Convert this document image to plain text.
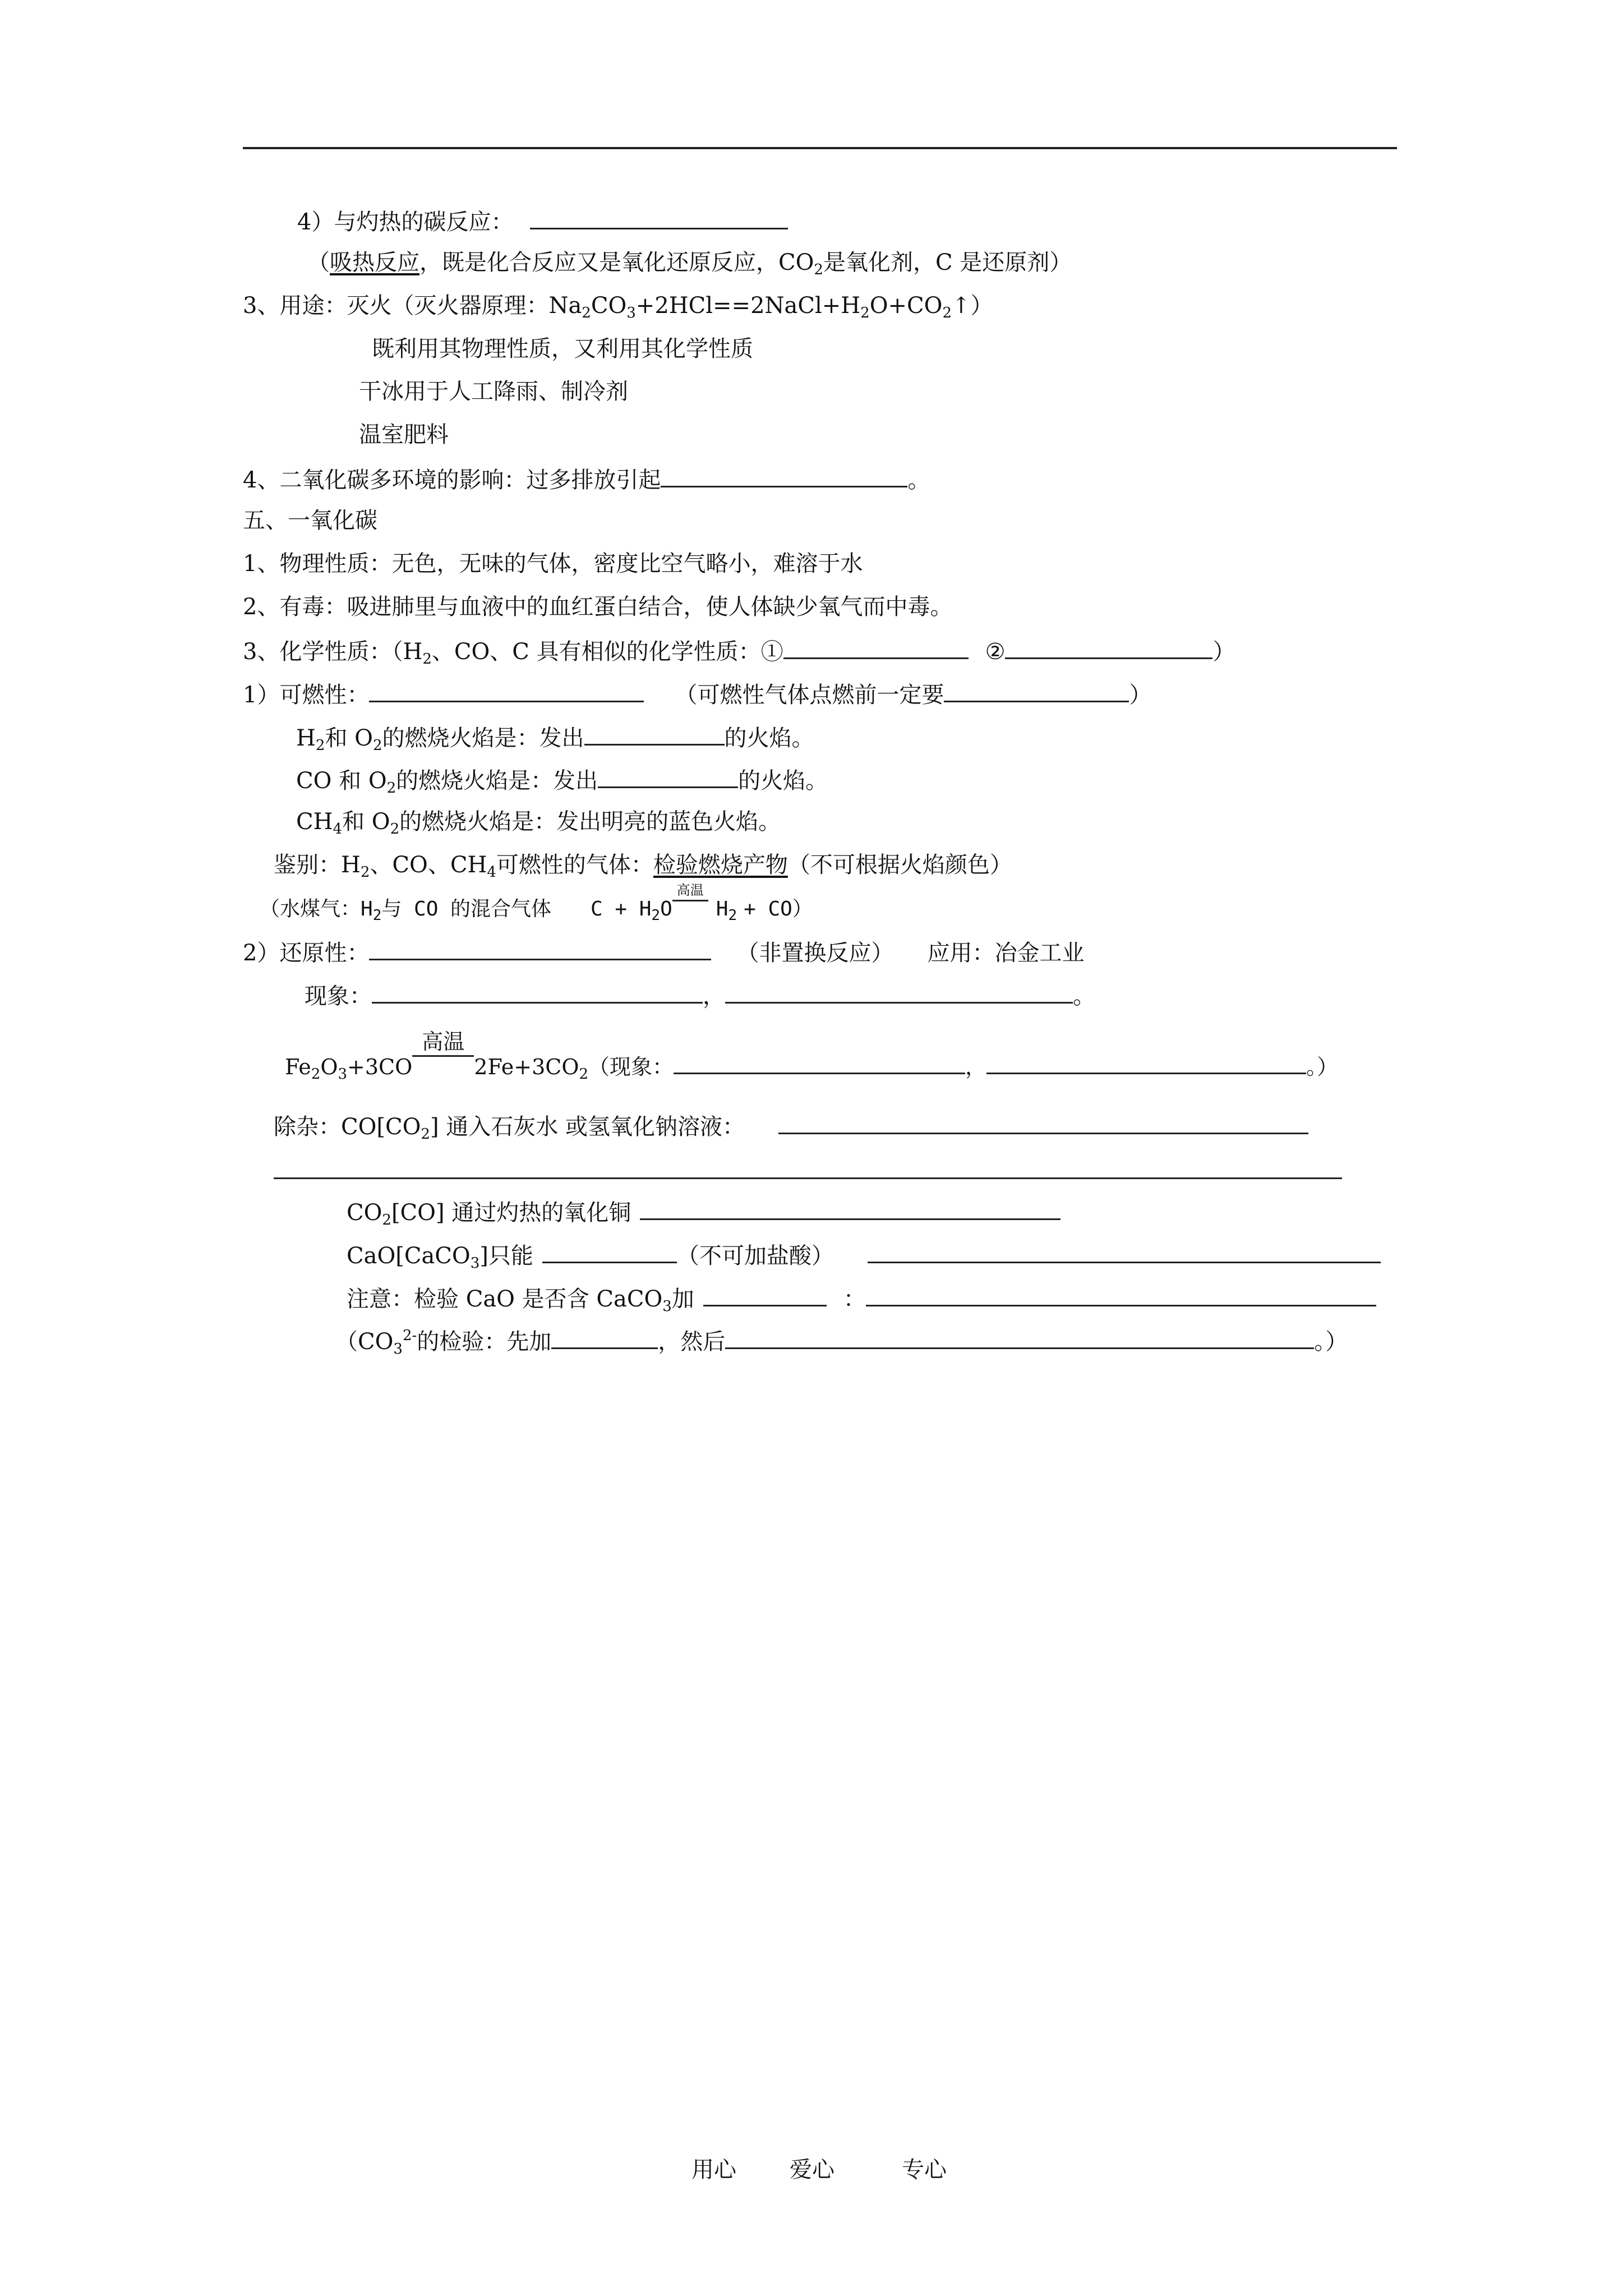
4）与灼热的碳反应：
（吸热反应，既是化合反应又是氧化还原反应，$CO_2$是氧化剂，C 是还原剂）
3、用途：灭火（灭火器原理：$Na_2CO_3+2HCl==2NaCl+H_2O+CO_2↑$）
既利用其物理性质，又利用其化学性质
干冰用于人工降雨、制冷剂
温室肥料
4、二氧化碳多环境的影响：过多排放引起	。
五、一氧化碳
1、物理性质：无色，无味的气体，密度比空气略小，难溶于水
2、有毒：吸进肺里与血液中的血红蛋白结合，使人体缺少氧气而中毒。
3、化学性质：（$H_2$、CO、C 具有相似的化学性质：①	②	）
1）可燃性：	（可燃性气体点燃前一定要	）
$H_2$和 $O_2$的燃烧火焰是：发出	的火焰。
CO 和 $O_2$的燃烧火焰是：发出	的火焰。
$CH_4$和 $O_2$的燃烧火焰是：发出明亮的蓝色火焰。
鉴别：$H_2$、CO、$CH_4$可燃性的气体：检验燃烧产物（不可根据火焰颜色）
（水煤气：$H_2$与 CO 的混合气体 $C + H_2O$
高温
$H_2 + CO$）
2）还原性：	（非置换反应） 应用：冶金工业
现象：	，	。
$Fe_2O_3+3CO$
高温
$2Fe+3CO_2$（现象：	，	。）
除杂：$CO[CO_2]$ 通入石灰水 或氢氧化钠溶液：
$CO_2[CO]$ 通过灼热的氧化铜
CaO[CaCO$_3$]只能	（不可加盐酸）
注意：检验 CaO 是否含 CaCO$_3$加	：
（$CO_3^{2-}$的检验：先加	，然后	。）
用心 爱心	专心
